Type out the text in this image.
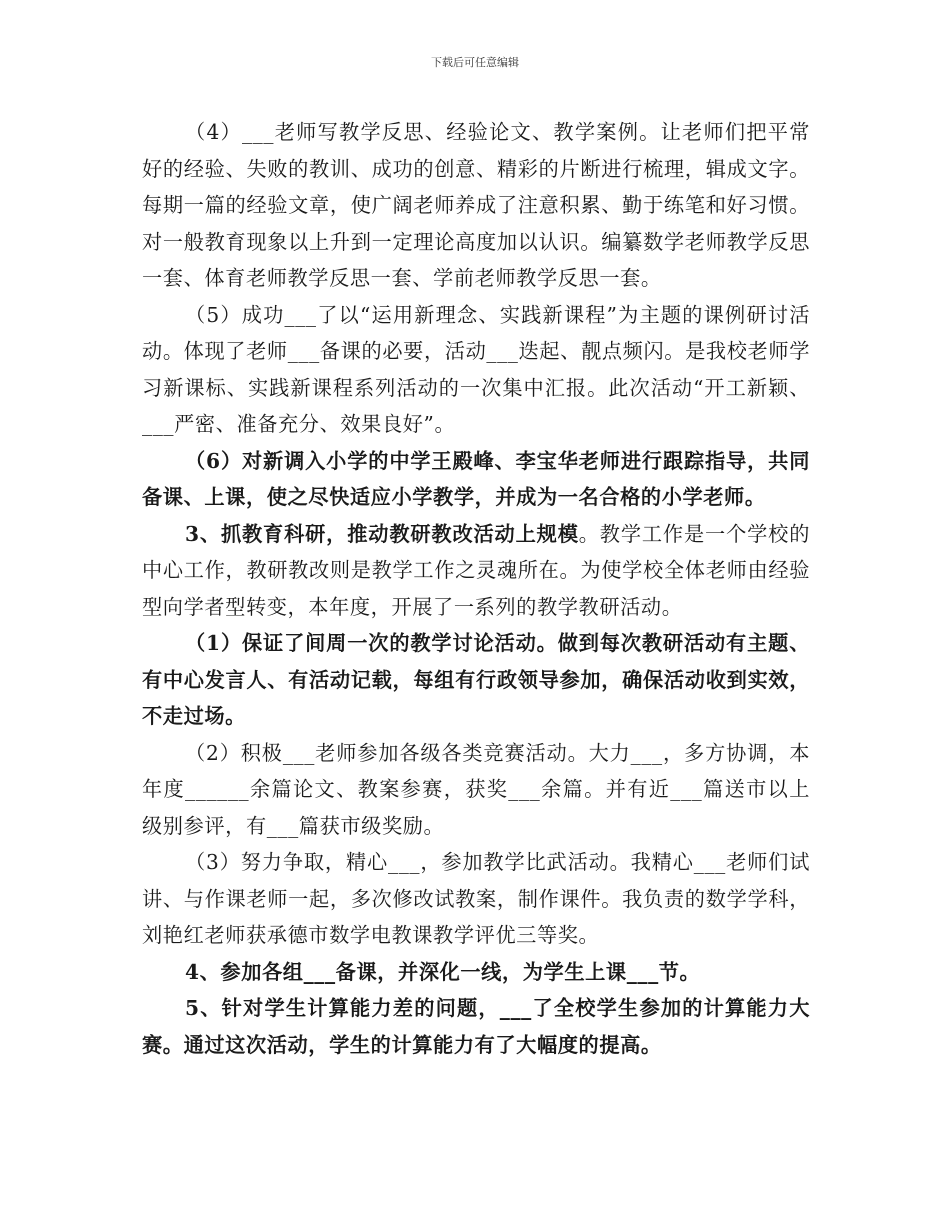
下载后可任意编辑

（4）___老师写教学反思、经验论文、教学案例。让老师们把平常好的经验、失败的教训、成功的创意、精彩的片断进行梳理，辑成文字。每期一篇的经验文章，使广阔老师养成了注意积累、勤于练笔和好习惯。对一般教育现象以上升到一定理论高度加以认识。编纂数学老师教学反思一套、体育老师教学反思一套、学前老师教学反思一套。

（5）成功___了以“运用新理念、实践新课程”为主题的课例研讨活动。体现了老师___备课的必要，活动___迭起、靓点频闪。是我校老师学习新课标、实践新课程系列活动的一次集中汇报。此次活动“开工新颖、___严密、准备充分、效果良好”。

（6）对新调入小学的中学王殿峰、李宝华老师进行跟踪指导，共同备课、上课，使之尽快适应小学教学，并成为一名合格的小学老师。

3、抓教育科研，推动教研教改活动上规模。教学工作是一个学校的中心工作，教研教改则是教学工作之灵魂所在。为使学校全体老师由经验型向学者型转变，本年度，开展了一系列的教学教研活动。

（1）保证了间周一次的教学讨论活动。做到每次教研活动有主题、有中心发言人、有活动记载，每组有行政领导参加，确保活动收到实效，不走过场。

（2）积极___老师参加各级各类竞赛活动。大力___，多方协调，本年度______余篇论文、教案参赛，获奖___余篇。并有近___篇送市以上级别参评，有___篇获市级奖励。

（3）努力争取，精心___，参加教学比武活动。我精心___老师们试讲、与作课老师一起，多次修改试教案，制作课件。我负责的数学学科，刘艳红老师获承德市数学电教课教学评优三等奖。

4、参加各组___备课，并深化一线，为学生上课___节。

5、针对学生计算能力差的问题，___了全校学生参加的计算能力大赛。通过这次活动，学生的计算能力有了大幅度的提高。
